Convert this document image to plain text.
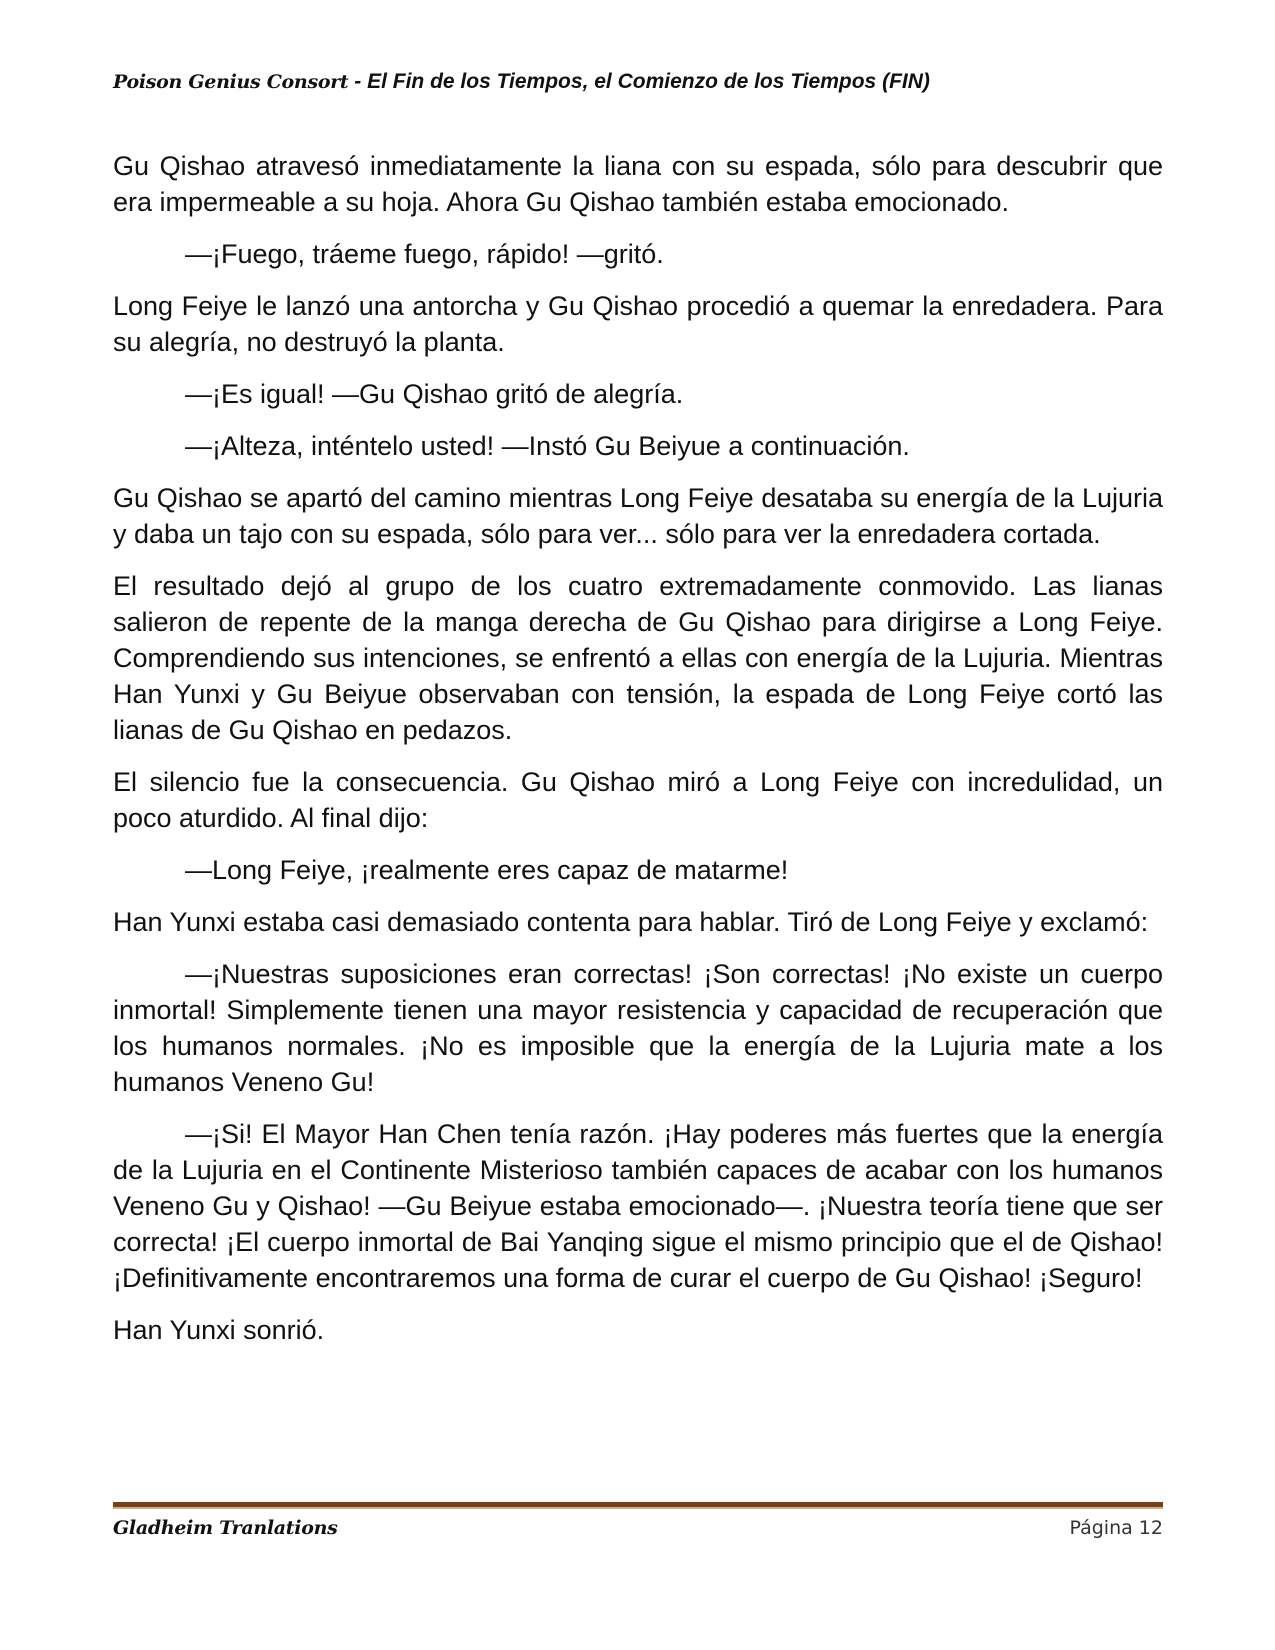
Poison Genius Consort - El Fin de los Tiempos, el Comienzo de los Tiempos (FIN)

Gu Qishao atravesó inmediatamente la liana con su espada, sólo para descubrir que era impermeable a su hoja. Ahora Gu Qishao también estaba emocionado.

—¡Fuego, tráeme fuego, rápido! —gritó.

Long Feiye le lanzó una antorcha y Gu Qishao procedió a quemar la enredadera. Para su alegría, no destruyó la planta.

—¡Es igual! —Gu Qishao gritó de alegría.

—¡Alteza, inténtelo usted! —Instó Gu Beiyue a continuación.

Gu Qishao se apartó del camino mientras Long Feiye desataba su energía de la Lujuria y daba un tajo con su espada, sólo para ver... sólo para ver la enredadera cortada.

El resultado dejó al grupo de los cuatro extremadamente conmovido. Las lianas salieron de repente de la manga derecha de Gu Qishao para dirigirse a Long Feiye. Comprendiendo sus intenciones, se enfrentó a ellas con energía de la Lujuria. Mientras Han Yunxi y Gu Beiyue observaban con tensión, la espada de Long Feiye cortó las lianas de Gu Qishao en pedazos.

El silencio fue la consecuencia. Gu Qishao miró a Long Feiye con incredulidad, un poco aturdido. Al final dijo:

—Long Feiye, ¡realmente eres capaz de matarme!

Han Yunxi estaba casi demasiado contenta para hablar. Tiró de Long Feiye y exclamó:

—¡Nuestras suposiciones eran correctas! ¡Son correctas! ¡No existe un cuerpo inmortal! Simplemente tienen una mayor resistencia y capacidad de recuperación que los humanos normales. ¡No es imposible que la energía de la Lujuria mate a los humanos Veneno Gu!

—¡Si! El Mayor Han Chen tenía razón. ¡Hay poderes más fuertes que la energía de la Lujuria en el Continente Misterioso también capaces de acabar con los humanos Veneno Gu y Qishao! —Gu Beiyue estaba emocionado—. ¡Nuestra teoría tiene que ser correcta! ¡El cuerpo inmortal de Bai Yanqing sigue el mismo principio que el de Qishao! ¡Definitivamente encontraremos una forma de curar el cuerpo de Gu Qishao! ¡Seguro!

Han Yunxi sonrió.

Gladheim Tranlations	Página 12
